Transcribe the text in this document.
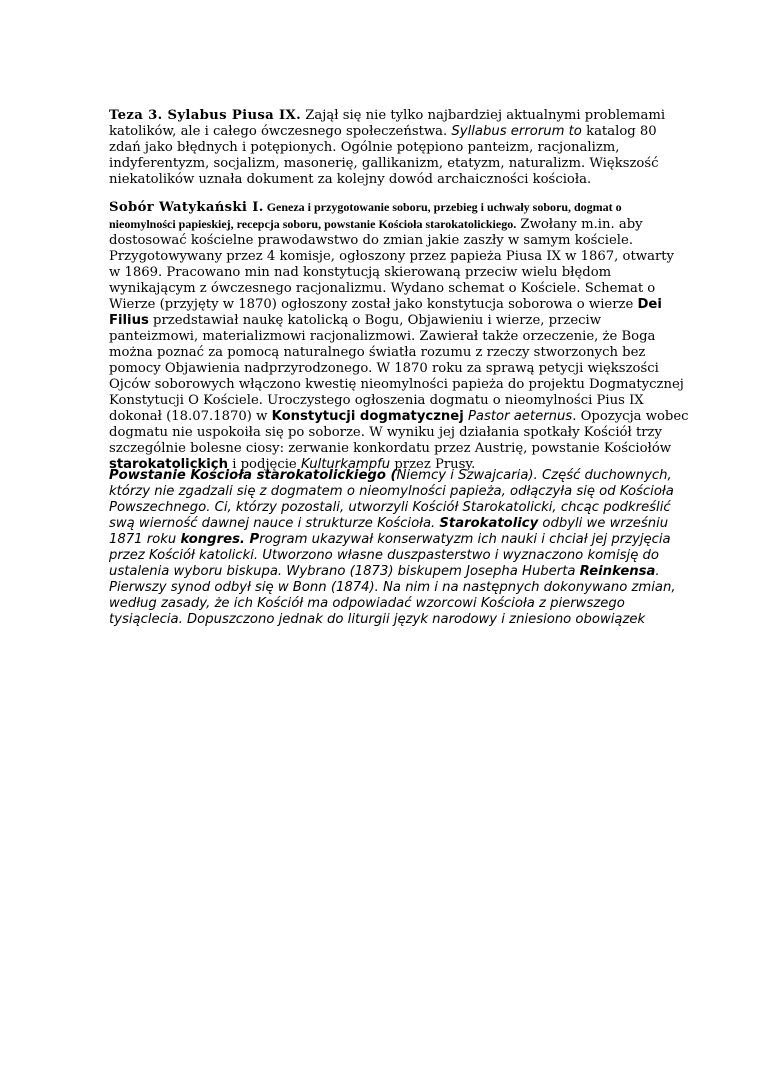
Teza 3. Sylabus Piusa IX. Zajął się nie tylko najbardziej aktualnymi problemami katolików, ale i całego ówczesnego społeczeństwa. Syllabus errorum to katalog 80 zdań jako błędnych i potępionych. Ogólnie potępiono panteizm, racjonalizm, indyferentyzm, socjalizm, masonerię, gallikanizm, etatyzm, naturalizm. Większość niekatolików uznała dokument za kolejny dowód archaiczności kościoła.

Sobór Watykański I. Geneza i przygotowanie soboru, przebieg i uchwały soboru, dogmat o nieomylności papieskiej, recepcja soboru, powstanie Kościoła starokatolickiego. Zwołany m.in. aby dostosować kościelne prawodawstwo do zmian jakie zaszły w samym kościele. Przygotowywany przez 4 komisje, ogłoszony przez papieża Piusa IX w 1867, otwarty w 1869. Pracowano min nad konstytucją skierowaną przeciw wielu błędom wynikającym z ówczesnego racjonalizmu. Wydano schemat o Kościele. Schemat o Wierze (przyjęty w 1870) ogłoszony został jako konstytucja soborowa o wierze Dei Filius przedstawiał naukę katolicką o Bogu, Objawieniu i wierze, przeciw panteizmowi, materializmowi racjonalizmowi. Zawierał także orzeczenie, że Boga można poznać za pomocą naturalnego światła rozumu z rzeczy stworzonych bez pomocy Objawienia nadprzyrodzonego. W 1870 roku za sprawą petycji większości Ojców soborowych włączono kwestię nieomylności papieża do projektu Dogmatycznej Konstytucji O Kościele. Uroczystego ogłoszenia dogmatu o nieomylności Pius IX dokonał (18.07.1870) w Konstytucji dogmatycznej Pastor aeternus. Opozycja wobec dogmatu nie uspokoiła się po soborze. W wyniku jej działania spotkały Kościół trzy szczególnie bolesne ciosy: zerwanie konkordatu przez Austrię, powstanie Kościołów starokatolickich i podjęcie Kulturkampfu przez Prusy.

Powstanie Kościoła starokatolickiego (Niemcy i Szwajcaria). Część duchownych, którzy nie zgadzali się z dogmatem o nieomylności papieża, odłączyła się od Kościoła Powszechnego. Ci, którzy pozostali, utworzyli Kościół Starokatolicki, chcąc podkreślić swą wierność dawnej nauce i strukturze Kościoła. Starokatolicy odbyli we wrześniu 1871 roku kongres. Program ukazywał konserwatyzm ich nauki i chciał jej przyjęcia przez Kościół katolicki. Utworzono własne duszpasterstwo i wyznaczono komisję do ustalenia wyboru biskupa. Wybrano (1873) biskupem Josepha Huberta Reinkensa. Pierwszy synod odbył się w Bonn (1874). Na nim i na następnych dokonywano zmian, według zasady, że ich Kościół ma odpowiadać wzorcowi Kościoła z pierwszego tysiąclecia. Dopuszczono jednak do liturgii język narodowy i zniesiono obowiązek
